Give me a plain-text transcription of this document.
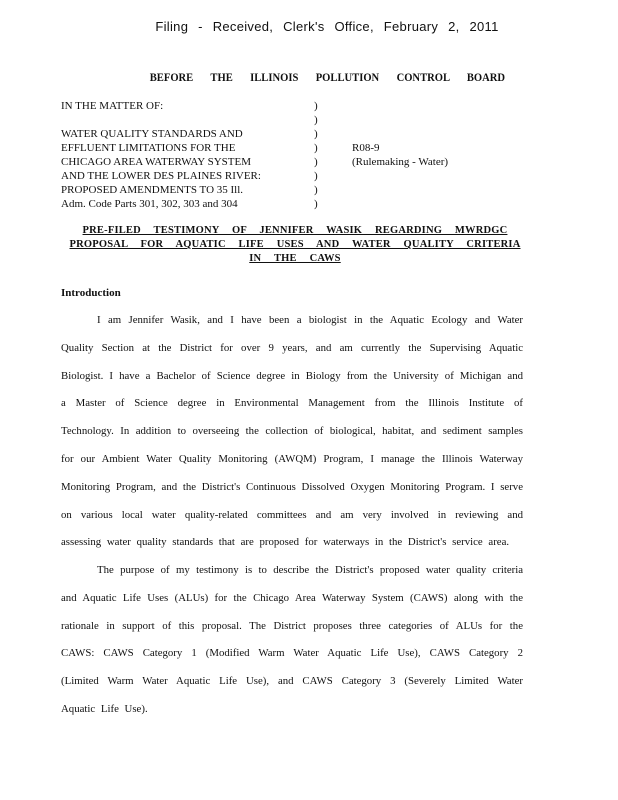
Filing - Received, Clerk's Office, February 2, 2011
BEFORE THE ILLINOIS POLLUTION CONTROL BOARD
IN THE MATTER OF:

WATER QUALITY STANDARDS AND
EFFLUENT LIMITATIONS FOR THE
CHICAGO AREA WATERWAY SYSTEM
AND THE LOWER DES PLAINES RIVER:
PROPOSED AMENDMENTS TO 35 Ill.
Adm. Code Parts 301, 302, 303 and 304
)
)
)
)
)
)
)
)
R08-9
(Rulemaking - Water)
PRE-FILED TESTIMONY OF JENNIFER WASIK REGARDING MWRDGC PROPOSAL FOR AQUATIC LIFE USES AND WATER QUALITY CRITERIA IN THE CAWS
Introduction
I am Jennifer Wasik, and I have been a biologist in the Aquatic Ecology and Water Quality Section at the District for over 9 years, and am currently the Supervising Aquatic Biologist. I have a Bachelor of Science degree in Biology from the University of Michigan and a Master of Science degree in Environmental Management from the Illinois Institute of Technology. In addition to overseeing the collection of biological, habitat, and sediment samples for our Ambient Water Quality Monitoring (AWQM) Program, I manage the Illinois Waterway Monitoring Program, and the District's Continuous Dissolved Oxygen Monitoring Program. I serve on various local water quality-related committees and am very involved in reviewing and assessing water quality standards that are proposed for waterways in the District's service area.
The purpose of my testimony is to describe the District's proposed water quality criteria and Aquatic Life Uses (ALUs) for the Chicago Area Waterway System (CAWS) along with the rationale in support of this proposal. The District proposes three categories of ALUs for the CAWS: CAWS Category 1 (Modified Warm Water Aquatic Life Use), CAWS Category 2 (Limited Warm Water Aquatic Life Use), and CAWS Category 3 (Severely Limited Water Aquatic Life Use).
